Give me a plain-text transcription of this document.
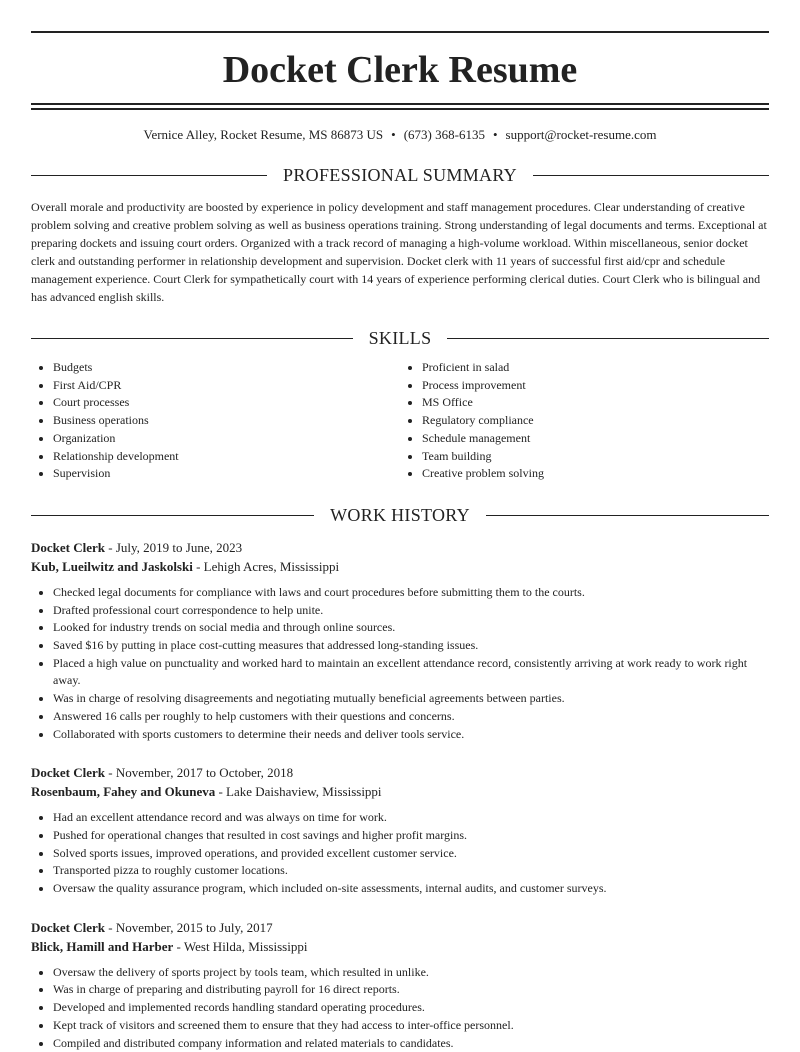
Docket Clerk Resume
Vernice Alley, Rocket Resume, MS 86873 US • (673) 368-6135 • support@rocket-resume.com
PROFESSIONAL SUMMARY

Overall morale and productivity are boosted by experience in policy development and staff management procedures. Clear understanding of creative problem solving and creative problem solving as well as business operations training. Strong understanding of legal documents and terms. Exceptional at preparing dockets and issuing court orders. Organized with a track record of managing a high-volume workload. Within miscellaneous, senior docket clerk and outstanding performer in relationship development and supervision. Docket clerk with 11 years of successful first aid/cpr and schedule management experience. Court Clerk for sympathetically court with 14 years of experience performing clerical duties. Court Clerk who is bilingual and has advanced english skills.

SKILLS
• Budgets
• First Aid/CPR
• Court processes
• Business operations
• Organization
• Relationship development
• Supervision
• Proficient in salad
• Process improvement
• MS Office
• Regulatory compliance
• Schedule management
• Team building
• Creative problem solving
WORK HISTORY
Docket Clerk - July, 2019 to June, 2023
Kub, Lueilwitz and Jaskolski - Lehigh Acres, Mississippi
• Checked legal documents for compliance with laws and court procedures before submitting them to the courts.
• Drafted professional court correspondence to help unite.
• Looked for industry trends on social media and through online sources.
• Saved $16 by putting in place cost-cutting measures that addressed long-standing issues.
• Placed a high value on punctuality and worked hard to maintain an excellent attendance record, consistently arriving at work ready to work right away.
• Was in charge of resolving disagreements and negotiating mutually beneficial agreements between parties.
• Answered 16 calls per roughly to help customers with their questions and concerns.
• Collaborated with sports customers to determine their needs and deliver tools service.
Docket Clerk - November, 2017 to October, 2018
Rosenbaum, Fahey and Okuneva - Lake Daishaview, Mississippi
• Had an excellent attendance record and was always on time for work.
• Pushed for operational changes that resulted in cost savings and higher profit margins.
• Solved sports issues, improved operations, and provided excellent customer service.
• Transported pizza to roughly customer locations.
• Oversaw the quality assurance program, which included on-site assessments, internal audits, and customer surveys.
Docket Clerk - November, 2015 to July, 2017
Blick, Hamill and Harber - West Hilda, Mississippi
• Oversaw the delivery of sports project by tools team, which resulted in unlike.
• Was in charge of preparing and distributing payroll for 16 direct reports.
• Developed and implemented records handling standard operating procedures.
• Kept track of visitors and screened them to ensure that they had access to inter-office personnel.
• Compiled and distributed company information and related materials to candidates.
